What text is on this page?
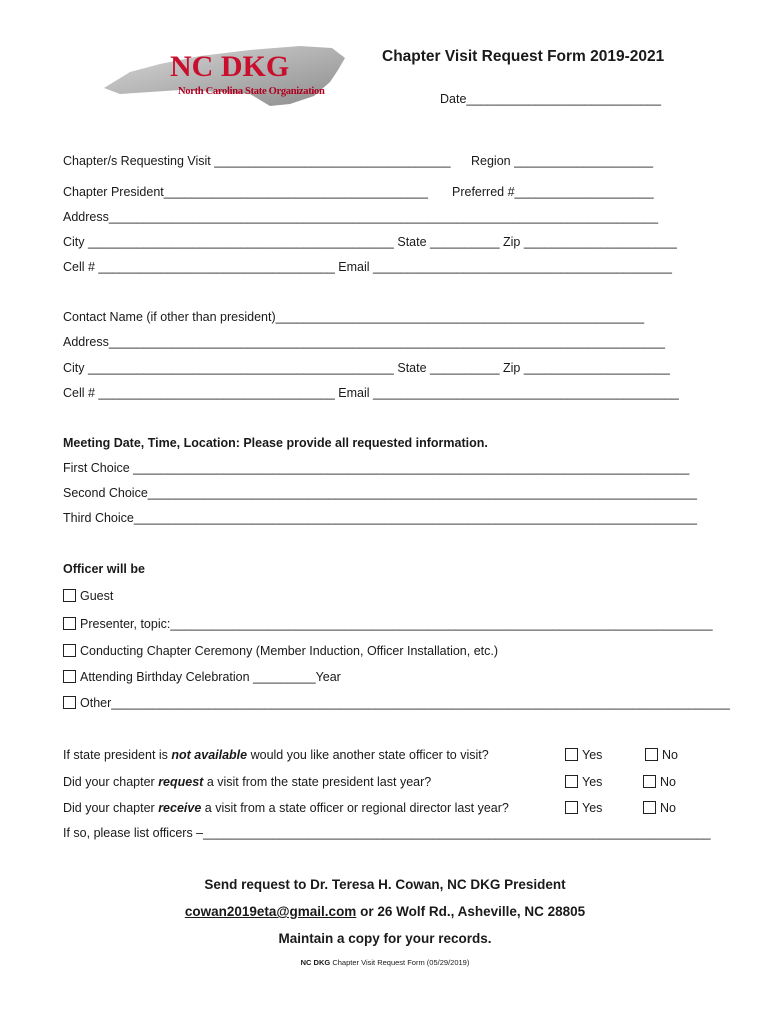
NC DKG
North Carolina State Organization
Chapter Visit Request Form 2019-2021
Date____________________________
Chapter/s Requesting Visit __________________________________ Region ____________________
Chapter President______________________________________ Preferred #____________________
Address_______________________________________________________________________________
City ____________________________________________ State __________ Zip ______________________
Cell # __________________________________ Email ___________________________________________
Contact Name (if other than president)_____________________________________________________
Address________________________________________________________________________________
City ____________________________________________ State __________ Zip _____________________
Cell # __________________________________ Email ____________________________________________
Meeting Date, Time, Location: Please provide all requested information.
First Choice ________________________________________________________________________________
Second Choice_______________________________________________________________________________
Third Choice_________________________________________________________________________________
Officer will be
Guest
Presenter, topic:______________________________________________________________________________
Conducting Chapter Ceremony (Member Induction, Officer Installation, etc.)
Attending Birthday Celebration _________Year
Other_________________________________________________________________________________________
If state president is not available would you like another state officer to visit?	Yes	No
Did your chapter request a visit from the state president last year?	Yes	No
Did your chapter receive a visit from a state officer or regional director last year?	Yes	No
If so, please list officers –_________________________________________________________________________
Send request to Dr. Teresa H. Cowan, NC DKG President
cowan2019eta@gmail.com or 26 Wolf Rd., Asheville, NC 28805
Maintain a copy for your records.
NC DKG Chapter Visit Request Form (05/29/2019)
